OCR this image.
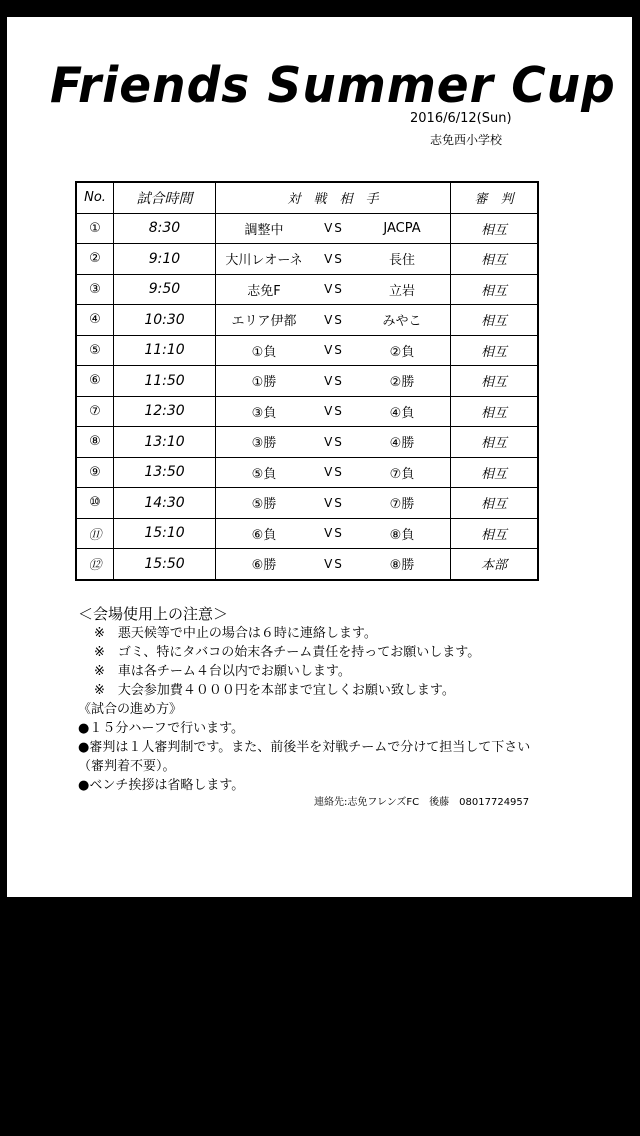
Friends Summer Cup
2016/6/12(Sun)
志免西小学校
No.	試合時間	対　戦　相　手	審　判
①	8:30	調整中 VS JACPA	相互
②	9:10	大川レオーネ VS 長住	相互
③	9:50	志免F VS 立岩	相互
④	10:30	エリア伊都 VS みやこ	相互
⑤	11:10	①負 VS ②負	相互
⑥	11:50	①勝 VS ②勝	相互
⑦	12:30	③負 VS ④負	相互
⑧	13:10	③勝 VS ④勝	相互
⑨	13:50	⑤負 VS ⑦負	相互
⑩	14:30	⑤勝 VS ⑦勝	相互
⑪	15:10	⑥負 VS ⑧負	相互
⑫	15:50	⑥勝 VS ⑧勝	本部
＜会場使用上の注意＞
※　悪天候等で中止の場合は６時に連絡します。
※　ゴミ、特にタバコの始末各チーム責任を持ってお願いします。
※　車は各チーム４台以内でお願いします。
※　大会参加費４０００円を本部まで宜しくお願い致します。
《試合の進め方》
●１５分ハーフで行います。
●審判は１人審判制です。また、前後半を対戦チームで分けて担当して下さい（審判着不要）。
●ベンチ挨拶は省略します。
連絡先:志免フレンズFC　後藤　08017724957
